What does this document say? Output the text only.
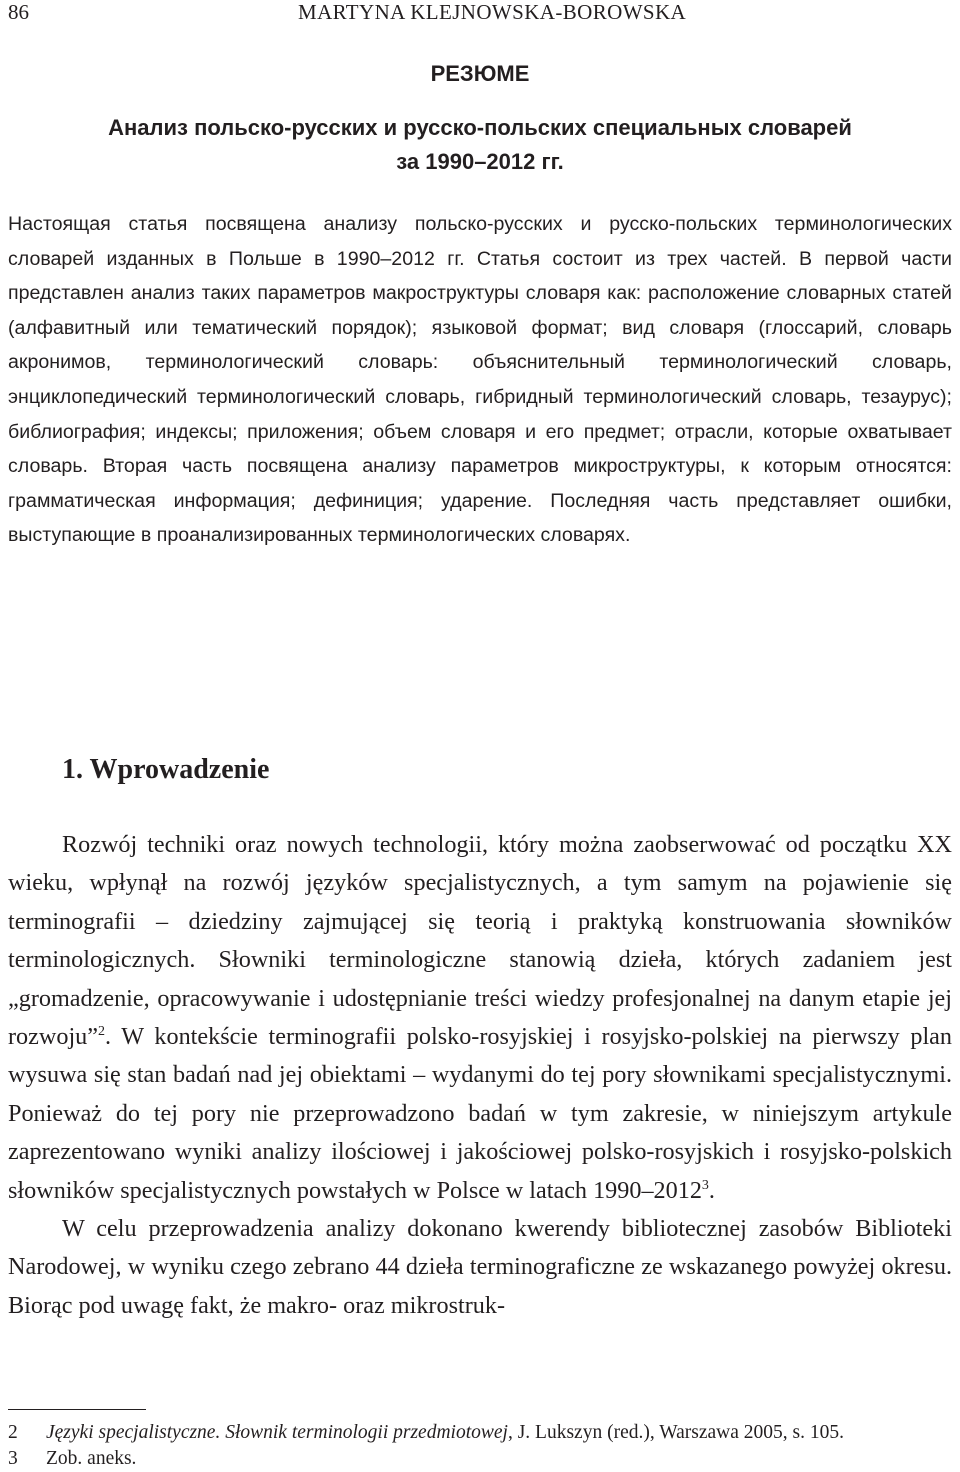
86	MARTYNA KLEJNOWSKA-BOROWSKA
РЕЗЮМЕ
Анализ польско-русских и русско-польских специальных словарей
за 1990–2012 гг.

Настоящая статья посвящена анализу польско-русских и русско-польских терминологических словарей изданных в Польше в 1990–2012 гг. Статья состоит из трех частей. В первой части представлен анализ таких параметров макроструктуры словаря как: расположение словарных статей (алфавитный или тематический порядок); языковой формат; вид словаря (глоссарий, словарь акронимов, терминологический словарь: объяснительный терминологический словарь, энциклопедический терминологический словарь, гибридный терминологический словарь, тезаурус); библиография; индексы; приложения; объем словаря и его предмет; отрасли, которые охватывает словарь. Вторая часть посвящена анализу параметров микроструктуры, к которым относятся: грамматическая информация; дефиниция; ударение. Последняя часть представляет ошибки, выступающие в проанализированных терминологических словарях.

1. Wprowadzenie

Rozwój techniki oraz nowych technologii, który można zaobserwować od początku XX wieku, wpłynął na rozwój języków specjalistycznych, a tym samym na pojawienie się terminografii – dziedziny zajmującej się teorią i praktyką konstruowania słowników terminologicznych. Słowniki terminologiczne stanowią dzieła, których zadaniem jest „gromadzenie, opracowywanie i udostępnianie treści wiedzy profesjonalnej na danym etapie jej rozwoju”$^2$. W kontekście terminografii polsko-rosyjskiej i rosyjsko-polskiej na pierwszy plan wysuwa się stan badań nad jej obiektami – wydanymi do tej pory słownikami specjalistycznymi. Ponieważ do tej pory nie przeprowadzono badań w tym zakresie, w niniejszym artykule zaprezentowano wyniki analizy ilościowej i jakościowej polsko-rosyjskich i rosyjsko-polskich słowników specjalistycznych powstałych w Polsce w latach 1990–2012$^3$.

W celu przeprowadzenia analizy dokonano kwerendy bibliotecznej zasobów Biblioteki Narodowej, w wyniku czego zebrano 44 dzieła terminograficzne ze wskazanego powyżej okresu. Biorąc pod uwagę fakt, że makro- oraz mikrostruk-

2 Języki specjalistyczne. Słownik terminologii przedmiotowej, J. Lukszyn (red.), Warszawa 2005, s. 105.
3 Zob. aneks.
